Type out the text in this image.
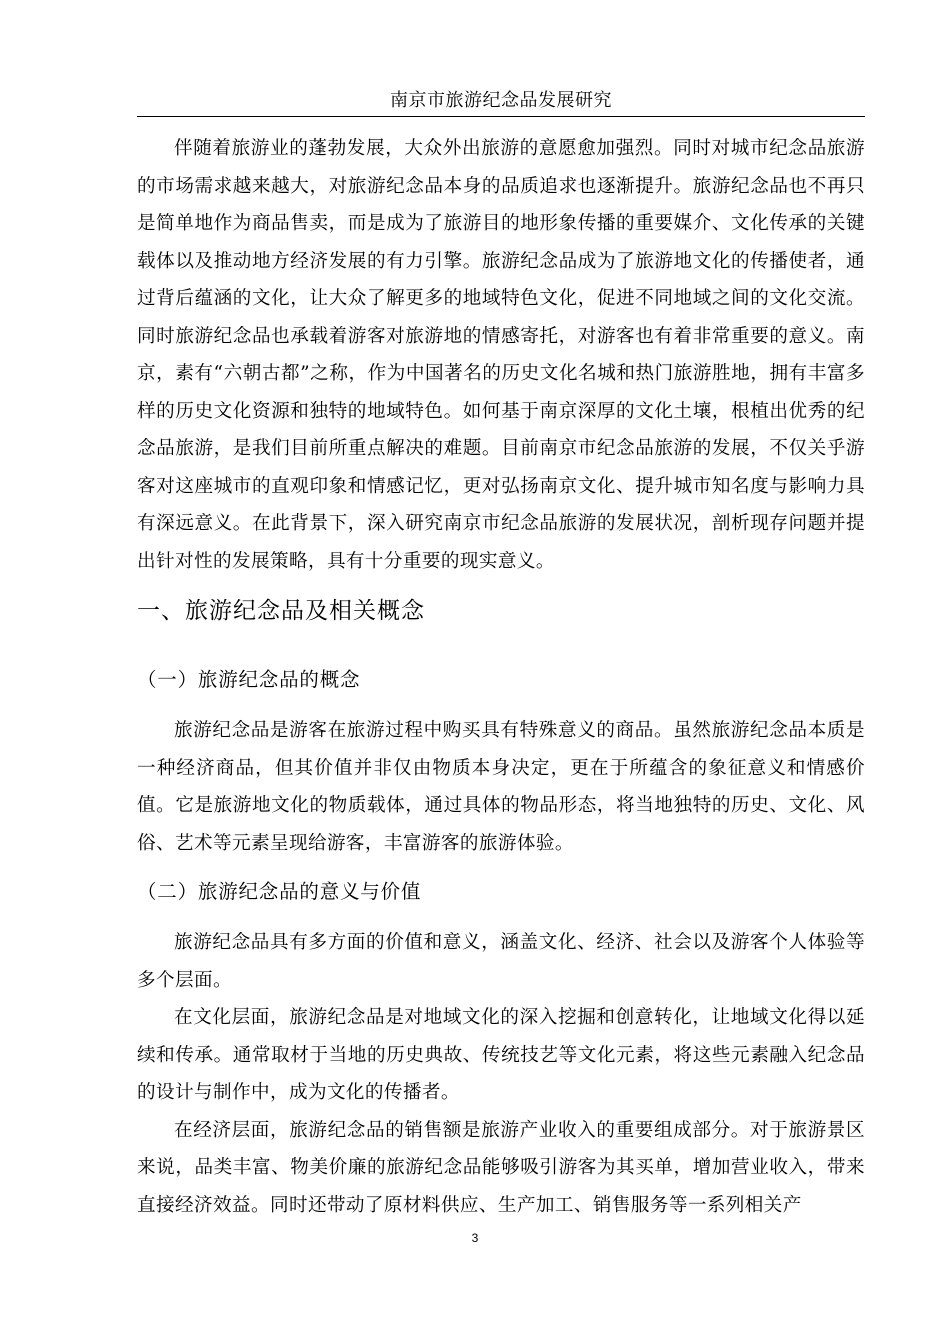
南京市旅游纪念品发展研究

伴随着旅游业的蓬勃发展，大众外出旅游的意愿愈加强烈。同时对城市纪念品旅游的市场需求越来越大，对旅游纪念品本身的品质追求也逐渐提升。旅游纪念品也不再只是简单地作为商品售卖，而是成为了旅游目的地形象传播的重要媒介、文化传承的关键载体以及推动地方经济发展的有力引擎。旅游纪念品成为了旅游地文化的传播使者，通过背后蕴涵的文化，让大众了解更多的地域特色文化，促进不同地域之间的文化交流。同时旅游纪念品也承载着游客对旅游地的情感寄托，对游客也有着非常重要的意义。南京，素有“六朝古都”之称，作为中国著名的历史文化名城和热门旅游胜地，拥有丰富多样的历史文化资源和独特的地域特色。如何基于南京深厚的文化土壤，根植出优秀的纪念品旅游，是我们目前所重点解决的难题。目前南京市纪念品旅游的发展，不仅关乎游客对这座城市的直观印象和情感记忆，更对弘扬南京文化、提升城市知名度与影响力具有深远意义。在此背景下，深入研究南京市纪念品旅游的发展状况，剖析现存问题并提出针对性的发展策略，具有十分重要的现实意义。

一、旅游纪念品及相关概念
（一）旅游纪念品的概念

旅游纪念品是游客在旅游过程中购买具有特殊意义的商品。虽然旅游纪念品本质是一种经济商品，但其价值并非仅由物质本身决定，更在于所蕴含的象征意义和情感价值。它是旅游地文化的物质载体，通过具体的物品形态，将当地独特的历史、文化、风俗、艺术等元素呈现给游客，丰富游客的旅游体验。

（二）旅游纪念品的意义与价值

旅游纪念品具有多方面的价值和意义，涵盖文化、经济、社会以及游客个人体验等多个层面。

在文化层面，旅游纪念品是对地域文化的深入挖掘和创意转化，让地域文化得以延续和传承。通常取材于当地的历史典故、传统技艺等文化元素，将这些元素融入纪念品的设计与制作中，成为文化的传播者。

在经济层面，旅游纪念品的销售额是旅游产业收入的重要组成部分。对于旅游景区来说，品类丰富、物美价廉的旅游纪念品能够吸引游客为其买单，增加营业收入，带来直接经济效益。同时还带动了原材料供应、生产加工、销售服务等一系列相关产

3
